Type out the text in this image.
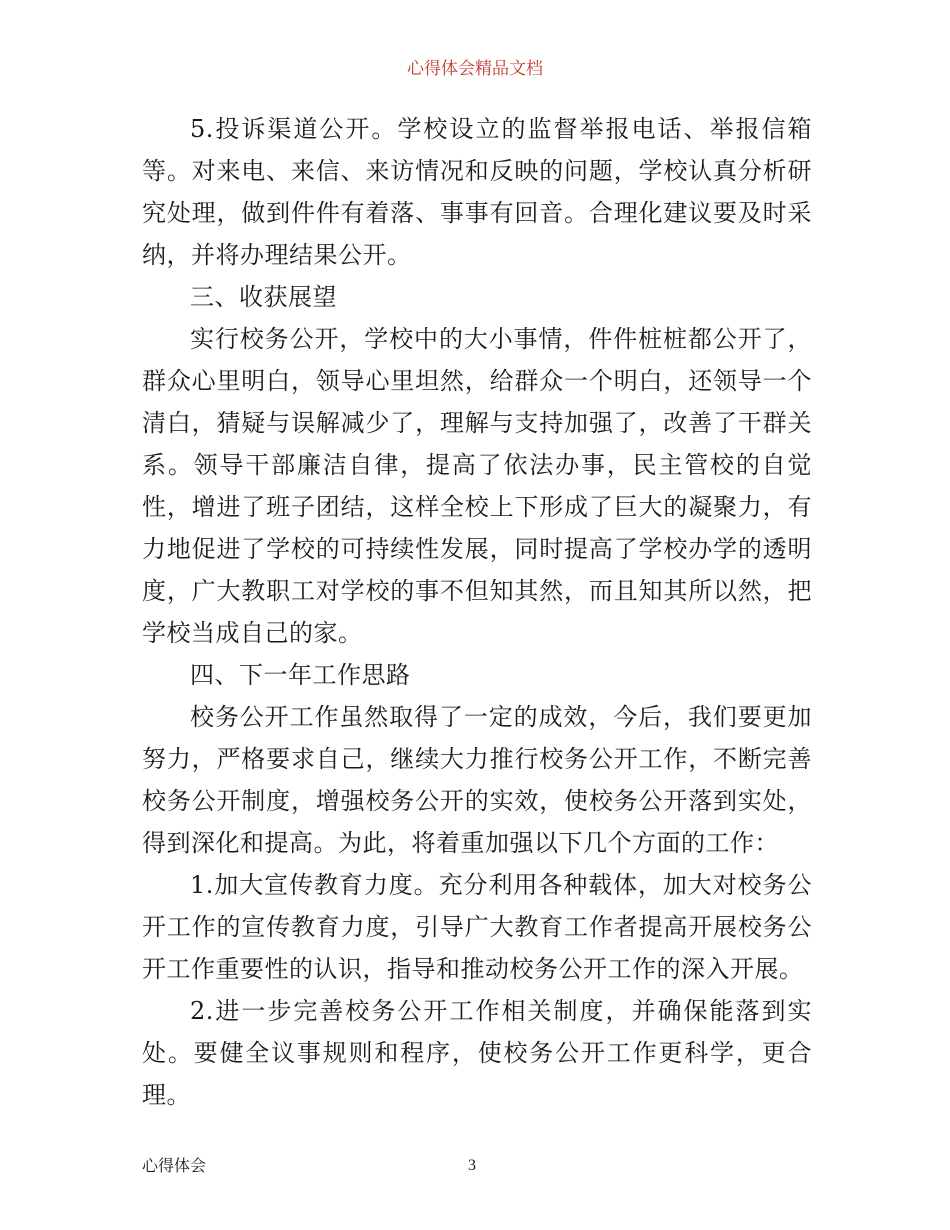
心得体会精品文档

5.投诉渠道公开。学校设立的监督举报电话、举报信箱等。对来电、来信、来访情况和反映的问题，学校认真分析研究处理，做到件件有着落、事事有回音。合理化建议要及时采纳，并将办理结果公开。

三、收获展望

实行校务公开，学校中的大小事情，件件桩桩都公开了，群众心里明白，领导心里坦然，给群众一个明白，还领导一个清白，猜疑与误解减少了，理解与支持加强了，改善了干群关系。领导干部廉洁自律，提高了依法办事，民主管校的自觉性，增进了班子团结，这样全校上下形成了巨大的凝聚力，有力地促进了学校的可持续性发展，同时提高了学校办学的透明度，广大教职工对学校的事不但知其然，而且知其所以然，把学校当成自己的家。

四、下一年工作思路

校务公开工作虽然取得了一定的成效，今后，我们要更加努力，严格要求自己，继续大力推行校务公开工作，不断完善校务公开制度，增强校务公开的实效，使校务公开落到实处，得到深化和提高。为此，将着重加强以下几个方面的工作：

1.加大宣传教育力度。充分利用各种载体，加大对校务公开工作的宣传教育力度，引导广大教育工作者提高开展校务公开工作重要性的认识，指导和推动校务公开工作的深入开展。

2.进一步完善校务公开工作相关制度，并确保能落到实处。要健全议事规则和程序，使校务公开工作更科学，更合理。

心得体会	3
